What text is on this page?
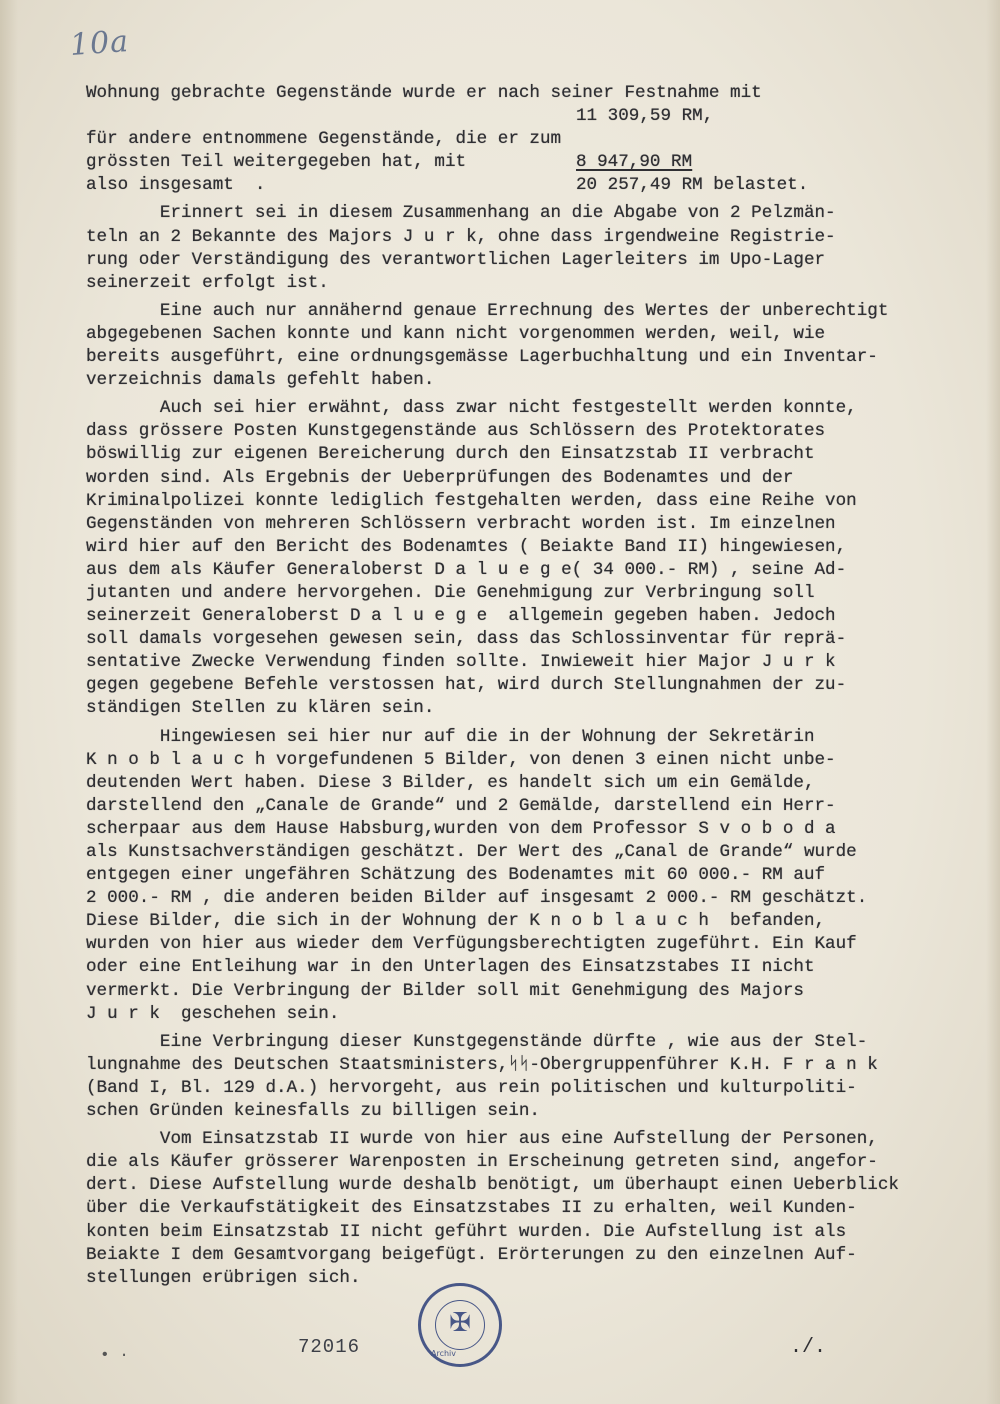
10a
Wohnung gebrachte Gegenstände wurde er nach seiner Festnahme mit
11 309,59 RM,
für andere entnommene Gegenstände, die er zum
grössten Teil weitergegeben hat, mit	8 947,90 RM
also insgesamt  .	20 257,49 RM belastet.
Erinnert sei in diesem Zusammenhang an die Abgabe von 2 Pelzmän-
teln an 2 Bekannte des Majors J u r k, ohne dass irgendweine Registrie-
rung oder Verständigung des verantwortlichen Lagerleiters im Upo-Lager
seinerzeit erfolgt ist.
Eine auch nur annähernd genaue Errechnung des Wertes der unberechtigt
abgegebenen Sachen konnte und kann nicht vorgenommen werden, weil, wie
bereits ausgeführt, eine ordnungsgemässe Lagerbuchhaltung und ein Inventar-
verzeichnis damals gefehlt haben.
Auch sei hier erwähnt, dass zwar nicht festgestellt werden konnte,
dass grössere Posten Kunstgegenstände aus Schlössern des Protektorates
böswillig zur eigenen Bereicherung durch den Einsatzstab II verbracht
worden sind. Als Ergebnis der Ueberprüfungen des Bodenamtes und der
Kriminalpolizei konnte lediglich festgehalten werden, dass eine Reihe von
Gegenständen von mehreren Schlössern verbracht worden ist. Im einzelnen
wird hier auf den Bericht des Bodenamtes ( Beiakte Band II) hingewiesen,
aus dem als Käufer Generaloberst D a l u e g e( 34 000.- RM) , seine Ad-
jutanten und andere hervorgehen. Die Genehmigung zur Verbringung soll
seinerzeit Generaloberst D a l u e g e  allgemein gegeben haben. Jedoch
soll damals vorgesehen gewesen sein, dass das Schlossinventar für reprä-
sentative Zwecke Verwendung finden sollte. Inwieweit hier Major J u r k
gegen gegebene Befehle verstossen hat, wird durch Stellungnahmen der zu-
ständigen Stellen zu klären sein.
Hingewiesen sei hier nur auf die in der Wohnung der Sekretärin
K n o b l a u c h vorgefundenen 5 Bilder, von denen 3 einen nicht unbe-
deutenden Wert haben. Diese 3 Bilder, es handelt sich um ein Gemälde,
darstellend den „Canale de Grande“ und 2 Gemälde, darstellend ein Herr-
scherpaar aus dem Hause Habsburg,wurden von dem Professor S v o b o d a
als Kunstsachverständigen geschätzt. Der Wert des „Canal de Grande“ wurde
entgegen einer ungefähren Schätzung des Bodenamtes mit 60 000.- RM auf
2 000.- RM , die anderen beiden Bilder auf insgesamt 2 000.- RM geschätzt.
Diese Bilder, die sich in der Wohnung der K n o b l a u c h  befanden,
wurden von hier aus wieder dem Verfügungsberechtigten zugeführt. Ein Kauf
oder eine Entleihung war in den Unterlagen des Einsatzstabes II nicht
vermerkt. Die Verbringung der Bilder soll mit Genehmigung des Majors
J u r k  geschehen sein.
Eine Verbringung dieser Kunstgegenstände dürfte , wie aus der Stel-
lungnahme des Deutschen Staatsministers,ᛋᛋ-Obergruppenführer K.H. F r a n k
(Band I, Bl. 129 d.A.) hervorgeht, aus rein politischen und kulturpoliti-
schen Gründen keinesfalls zu billigen sein.
Vom Einsatzstab II wurde von hier aus eine Aufstellung der Personen,
die als Käufer grösserer Warenposten in Erscheinung getreten sind, angefor-
dert. Diese Aufstellung wurde deshalb benötigt, um überhaupt einen Ueberblick
über die Verkaufstätigkeit des Einsatzstabes II zu erhalten, weil Kunden-
konten beim Einsatzstab II nicht geführt wurden. Die Aufstellung ist als
Beiakte I dem Gesamtvorgang beigefügt. Erörterungen zu den einzelnen Auf-
stellungen erübrigen sich.
• ·	72016
✠
Archiv	./.
